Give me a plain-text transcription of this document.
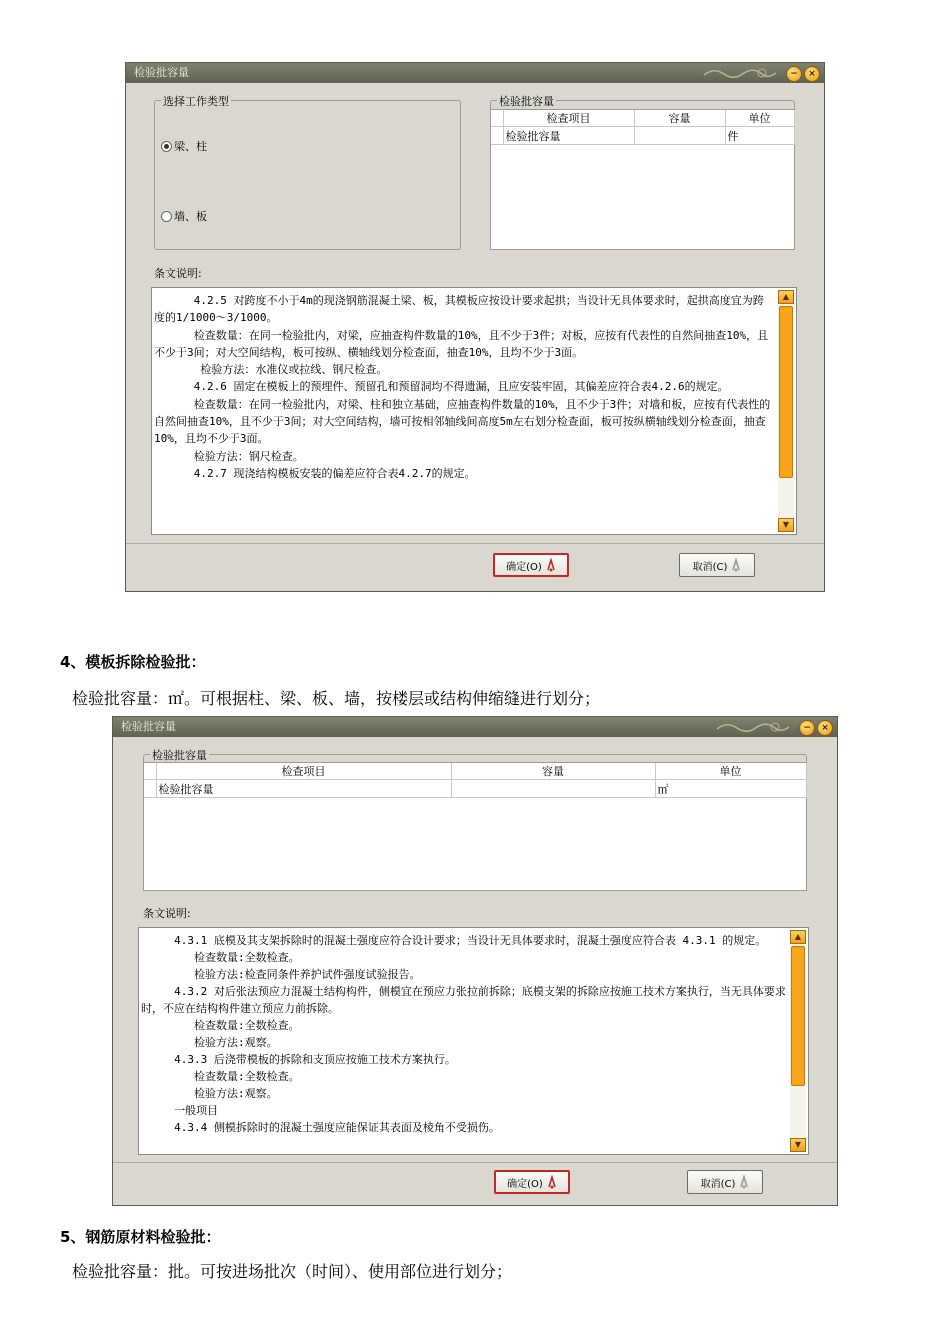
检验批容量	−	×
选择工作类型
梁、柱
墙、板
检验批容量
	检查项目	容量	单位
	检验批容量		件
条文说明:
4.2.5 对跨度不小于4m的现浇钢筋混凝土梁、板，其模板应按设计要求起拱；当设计无具体要求时，起拱高度宜为跨度的1/1000～3/1000。
检查数量：在同一检验批内，对梁，应抽查构件数量的10%，且不少于3件；对板，应按有代表性的自然间抽查10%，且不少于3间；对大空间结构，板可按纵、横轴线划分检查面，抽查10%，且均不少于3面。
检验方法：水准仪或拉线、钢尺检查。
4.2.6 固定在模板上的预埋件、预留孔和预留洞均不得遗漏，且应安装牢固，其偏差应符合表4.2.6的规定。
检查数量：在同一检验批内，对梁、柱和独立基础，应抽查构件数量的10%，且不少于3件；对墙和板，应按有代表性的自然间抽查10%，且不少于3间；对大空间结构，墙可按相邻轴线间高度5m左右划分检查面，板可按纵横轴线划分检查面，抽查10%，且均不少于3面。
检验方法：钢尺检查。
4.2.7 现浇结构模板安装的偏差应符合表4.2.7的规定。
▲
▼
确定(O)	取消(C)
4、模板拆除检验批：
检验批容量：㎡。可根据柱、梁、板、墙，按楼层或结构伸缩缝进行划分；
检验批容量	−	×
检验批容量
	检查项目	容量	单位
	检验批容量		㎡
条文说明:
4.3.1 底模及其支架拆除时的混凝土强度应符合设计要求；当设计无具体要求时，混凝土强度应符合表 4.3.1 的规定。
检查数量:全数检查。
检验方法:检查同条件养护试件强度试验报告。
4.3.2 对后张法预应力混凝土结构构件，侧模宜在预应力张拉前拆除；底模支架的拆除应按施工技术方案执行，当无具体要求时，不应在结构构件建立预应力前拆除。
检查数量:全数检查。
检验方法:观察。
4.3.3 后浇带模板的拆除和支顶应按施工技术方案执行。
检查数量:全数检查。
检验方法:观察。
一般项目
4.3.4 侧模拆除时的混凝土强度应能保证其表面及棱角不受损伤。
▲
▼
确定(O)	取消(C)
5、钢筋原材料检验批：
检验批容量：批。可按进场批次（时间）、使用部位进行划分；
